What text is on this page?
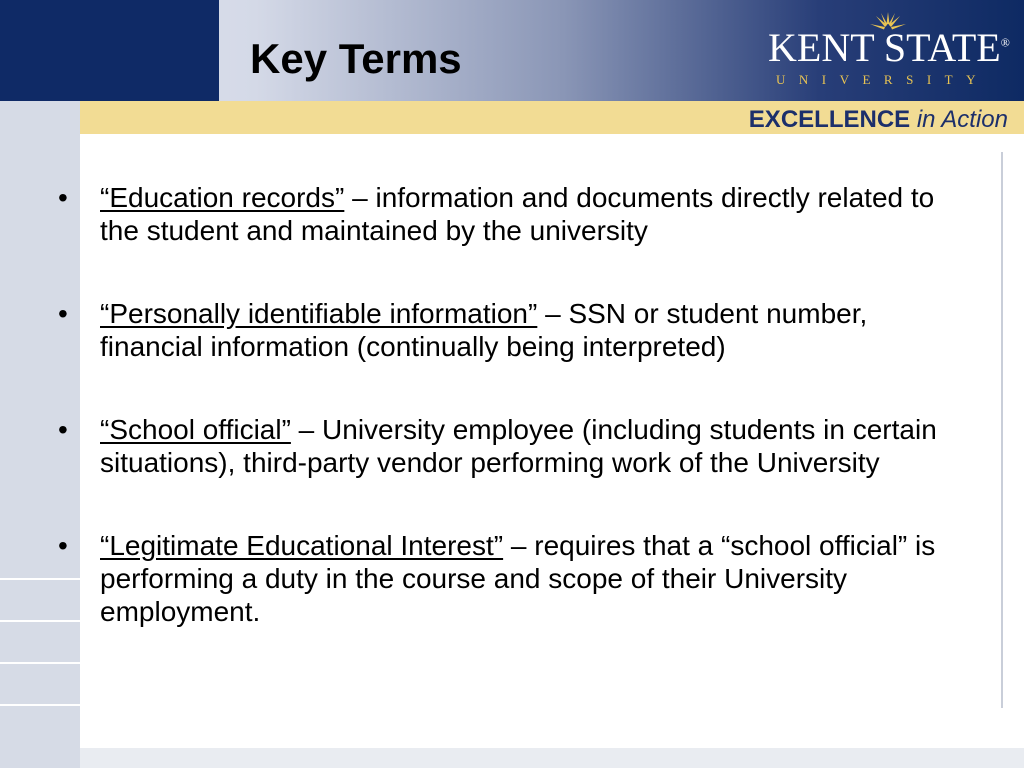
Key Terms	KENT STATE®
UNIVERSITY
EXCELLENCE in Action
• “Education records” – information and documents directly related to the student and maintained by the university
• “Personally identifiable information” – SSN or student number, financial information (continually being interpreted)
• “School official” – University employee (including students in certain situations), third-party vendor performing work of the University
• “Legitimate Educational Interest” – requires that a “school official” is performing a duty in the course and scope of their University employment.
